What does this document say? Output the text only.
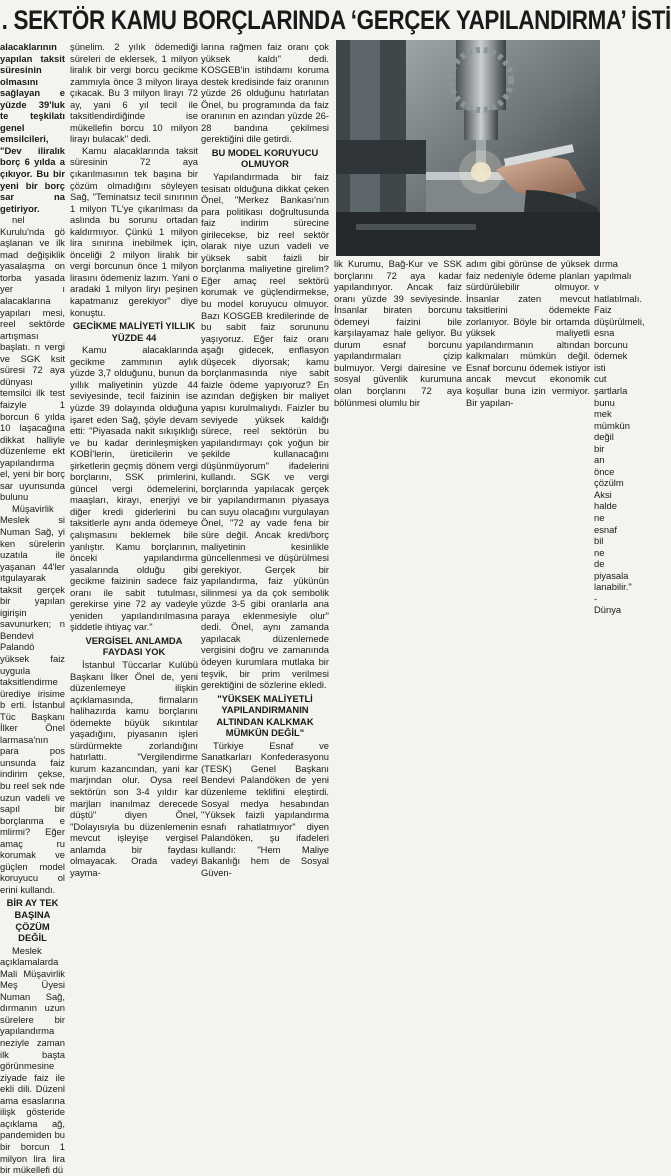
. SEKTÖR KAMU BORÇLARINDA ‘GERÇEK YAPILANDIRMA’ İSTİ

alacaklarının yapılan taksit süresinin olmasını sağlayan e yüzde 39'luk te teşkilatı genel emsilcileri, "Dev iliralık borç 6 yılda a çıkıyor. Bu bir yeni bir borç sar na getiriyor.

nel Kurulu'nda gö aşlanan ve ilk mad değişiklik yasalaşma on torba yasada yer ı alacaklarına yapıları mesi, reel sektörde artışması başlatı. n vergi ve SGK ksit süresi 72 aya dünyası temsilci ilk test faizyle 1 borcun 6 yılda 10 laşacağına dikkat halliyle düzenleme ekt yapılandırma el, yeni bir borç sar uyunsunda bulunu

Müşavirlik Meslek si Numan Sağ, yi ken sürelerin uzatıla ile yaşanan 44'ler ıtgulayarak taksit gerçek bir yapılan igirişin savunurken; n Bendevi Palandö yüksek faiz uyguıla taksitlendirme ürediye irisime b erti. İstanbul Tüc Başkanı İlker Önel larmasa'nın para pos unsunda faiz indirim çekse, bu reel sek nde uzun vadeli ve sapıl bir borçlanma e mlirmi? Eğer amaç ru korumak ve güçlen model koruyucu ol erini kullandı.

BİR AY TEK BAŞINA ÇÖZÜM DEĞİL

Meslek açıklamalarda Mali Müşavirlik Meş Üyesi Numan Sağ, dırmanın uzun sürelere bir yapılandırma neziyle zaman ilk başta görünmesine ziyade faiz ile ekli dili. Düzenl ama esaslarına ilişk gösteride açıklama ağ, pandemiden bu bir borcun 1 milyon lira lira bir mükellefi dü

şünelim. 2 yılık ödemediği süreleri de eklersek, 1 milyon liralık bir vergi borcu gecikme zammıyla önce 3 milyon liraya çıkacak. Bu 3 milyon lirayı 72 ay, yani 6 yıl tecil ile taksitlendirdiğinde ise mükellefin borcu 10 milyon lirayı bulacak" dedi.

Kamu alacaklarında taksit süresinin 72 aya çıkarılmasının tek başına bir çözüm olmadığını söyleyen Sağ, "Teminatsız tecil sınırının 1 milyon TL'ye çıkarılması da aslında bu sorunu ortadan kaldırmıyor. Çünkü 1 milyon lira sınırına inebilmek için, önceliği 2 milyon liralık bir vergi borcunun önce 1 milyon lirasını ödemeniz lazım. Yani o aradaki 1 milyon liryı peşinen kapatmanız gerekiyor" diye konuştu.

GECİKME MALİYETİ YILLIK YÜZDE 44

Kamu alacaklarında gecikme zammının aylık yüzde 3,7 olduğunu, bunun da yıllık maliyetinin yüzde 44 seviyesinde, tecil faizinin ise yüzde 39 dolayında olduğuna işaret eden Sağ, şöyle devam etti: "Piyasada nakit sıkışıklığı ve bu kadar derinleşmişken KOBİ'lerin, üreticilerin ve şirketlerin geçmiş dönem vergi borçlarını, SSK primlerini, güncel vergi ödemelerini, maaşları, kirayı, enerjiyi ve diğer kredi giderlerini bu taksitlerle aynı anda ödemeye çalışmasını beklemek bile yanlıştır. Kamu borçlarının, önceki yapılandırma yasalarında olduğu gibi gecikme faizinin sadece faiz oranı ile sabit tutulması, gerekirse yine 72 ay vadeyle yeniden yapılandırılmasına şiddetle ihtiyaç var."

VERGİSEL ANLAMDA FAYDASI YOK

İstanbul Tüccarlar Kulübü Başkanı İlker Önel de, yeni düzenlemeye ilişkin açıklamasında, firmaların halihazırda kamu borçlarını ödemekte büyük sıkıntılar yaşadığını, piyasanın işleri sürdürmekte zorlandığını hatırlattı. "Vergilendirme kurum kazancından, yani kar marjından olur. Oysa reel sektörün son 3-4 yıldır kar marjları inanılmaz derecede düştü" diyen Önel, "Dolayısıyla bu düzenlemenin mevcut işleyişe vergisel anlamda bir faydası olmayacak. Orada vadeyi yayma-

larına rağmen faiz oranı çok yüksek kaldı" dedi. KOSGEB'in istihdamı koruma destek kredisinde faiz oranının yüzde 26 olduğunu hatırlatan Önel, bu programında da faiz oranının en azından yüzde 26-28 bandına çekilmesi gerektiğini dile getirdi.

BU MODEL KORUYUCU OLMUYOR

Yapılandırmada bir faiz tesisatı olduğuna dikkat çeken Önel, "Merkez Bankası'nın para politikası doğrultusunda faiz indirim sürecine girilecekse, biz reel sektör olarak niye uzun vadeli ve yüksek sabit faizli bir borçlanma maliyetine girelim? Eğer amaç reel sektörü korumak ve güçlendirmekse, bu model koruyucu olmuyor. Bazı KOSGEB kredilerinde de bu sabit faiz sorununu yaşıyoruz. Eğer faiz oranı aşağı gidecek, enflasyon düşecek diyorsak; kamu borçlanmasında niye sabit faizle ödeme yapıyoruz? En azından değişken bir maliyet yapısı kurulmalıydı. Faizler bu seviyede yüksek kaldığı sürece, reel sektörün bu yapılandırmayı çok yoğun bir şekilde kullanacağını düşünmüyorum" ifadelerini kullandı. SGK ve vergi borçlarında yapılacak gerçek bir yapılandırmanın piyasaya can suyu olacağını vurgulayan Önel, "72 ay vade fena bir süre değil. Ancak kredi/borç maliyetinin kesinlikle güncellenmesi ve düşürülmesi gerekiyor. Gerçek bir yapılandırma, faiz yükünün silinmesi ya da çok sembolik yüzde 3-5 gibi oranlarla ana paraya eklenmesiyle olur" dedi. Önel, aynı zamanda yapılacak düzenlemede vergisini doğru ve zamanında ödeyen kurumlara mutlaka bir teşvik, bir prim verilmesi gerektiğini de sözlerine ekledi.

"YÜKSEK MALİYETLİ YAPILANDIRMANIN ALTINDAN KALKMAK MÜMKÜN DEĞİL"

Türkiye Esnaf ve Sanatkarları Konfederasyonu (TESK) Genel Başkanı Bendevi Palandöken de yeni düzenleme teklifini eleştirdi. Sosyal medya hesabından "Yüksek faizli yapılandırma esnafı rahatlatmıyor" diyen Palandöken, şu ifadeleri kullandı: "Hem Maliye Bakanlığı hem de Sosyal Güven-

lik Kurumu, Bağ-Kur ve SSK borçlarını 72 aya kadar yapılandırıyor. Ancak faiz oranı yüzde 39 seviyesinde. İnsanlar biraten borcunu ödemeyi faizini bile karşılayamaz hale geliyor. Bu durum esnaf borcunu yapılandırmaları çizip bulmuyor. Vergi dairesine ve sosyal güvenlik kurumuna olan borçlarını 72 aya bölünmesi olumlu bir

adım gibi görünse de yüksek faiz nedeniyle ödeme planları sürdürülebilir olmuyor. İnsanlar zaten mevcut taksitlerini ödemekte zorlanıyor. Böyle bir ortamda yüksek maliyetli yapılandırmanın altından kalkmaları mümkün değil. Esnaf borcunu ödemek istiyor ancak mevcut ekonomik koşullar buna izin vermiyor. Bir yapılan-

dırma yapılmalı v hatlatılmalı. Faiz düşürülmeli, esna borcunu ödemek isti cut şartlarla bunu mek mümkün değil bir an önce çözülm Aksi halde ne esnaf bil ne de piyasala lanabilir." - Dünya
